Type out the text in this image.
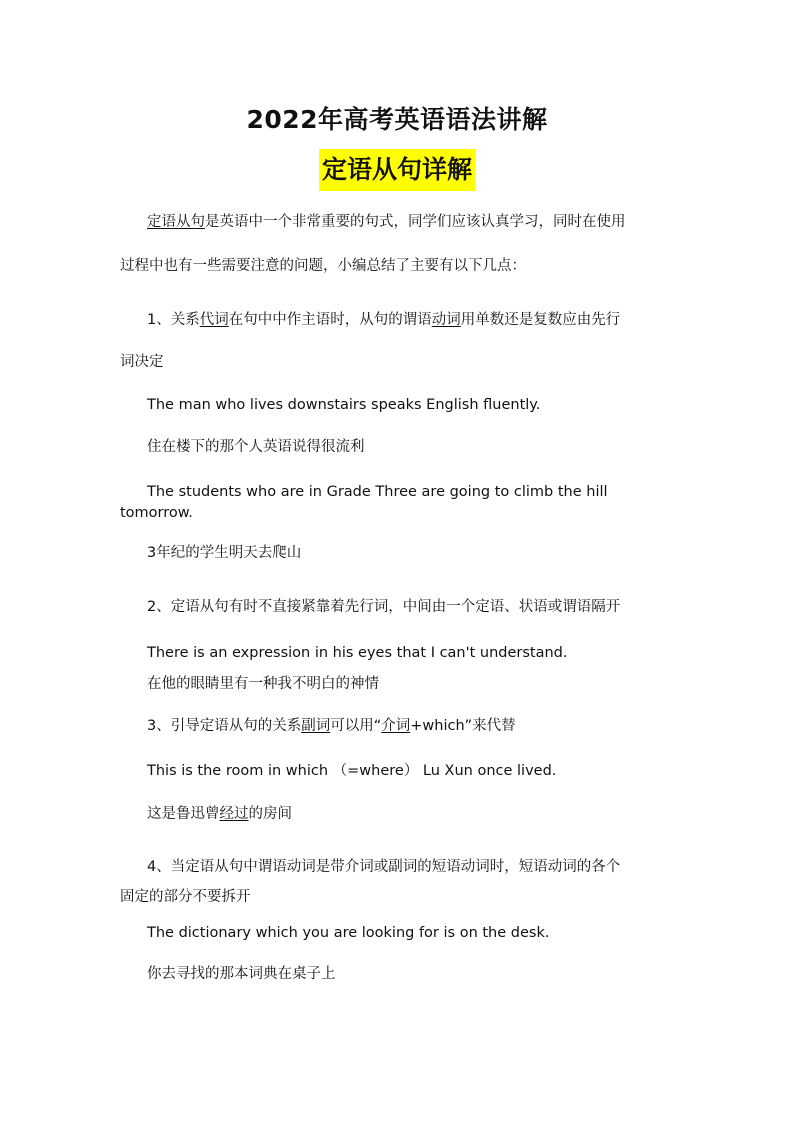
2022年高考英语语法讲解
定语从句详解
定语从句是英语中一个非常重要的句式，同学们应该认真学习，同时在使用
过程中也有一些需要注意的问题，小编总结了主要有以下几点：
1、关系代词在句中中作主语时，从句的谓语动词用单数还是复数应由先行
词决定
The man who lives downstairs speaks English fluently.
住在楼下的那个人英语说得很流利
The students who are in Grade Three are going to climb the hill
tomorrow.
3年纪的学生明天去爬山
2、定语从句有时不直接紧靠着先行词，中间由一个定语、状语或谓语隔开
There is an expression in his eyes that I can't understand.
在他的眼睛里有一种我不明白的神情
3、引导定语从句的关系副词可以用“介词+which”来代替
This is the room in which （=where） Lu Xun once lived.
这是鲁迅曾经过的房间
4、当定语从句中谓语动词是带介词或副词的短语动词时，短语动词的各个
固定的部分不要拆开
The dictionary which you are looking for is on the desk.
你去寻找的那本词典在桌子上
